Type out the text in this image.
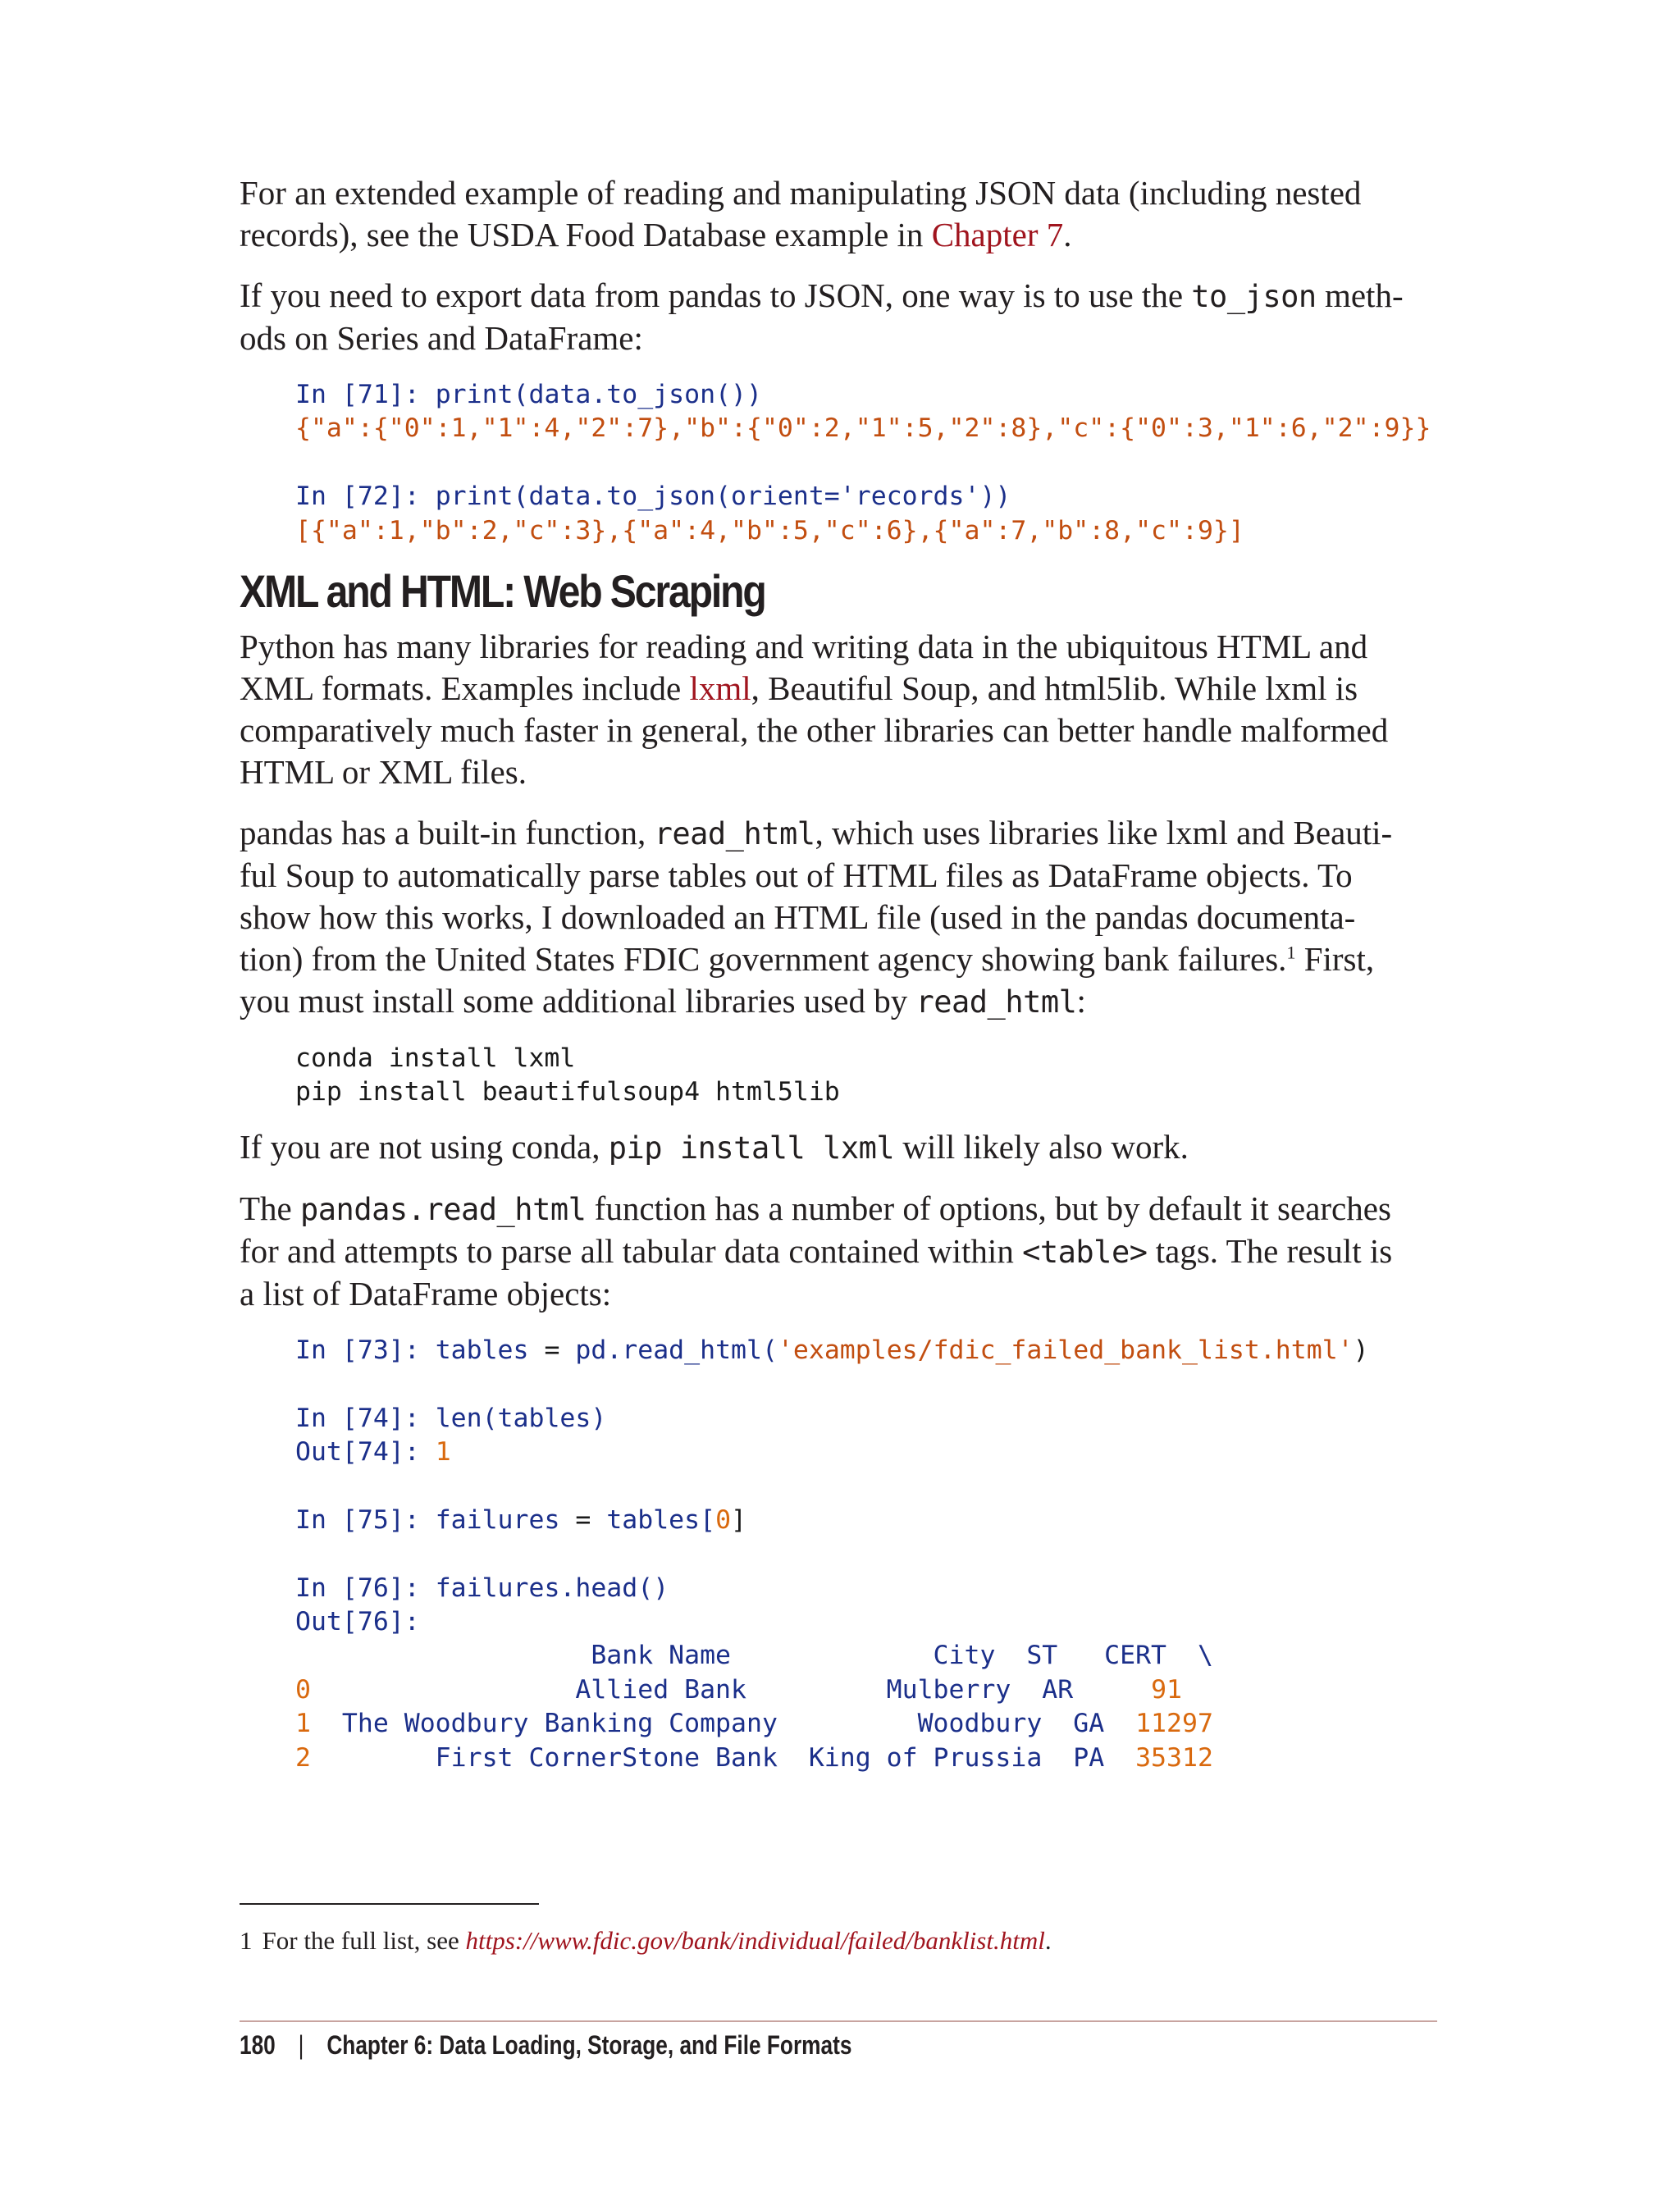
For an extended example of reading and manipulating JSON data (including nested
records), see the USDA Food Database example in Chapter 7.

If you need to export data from pandas to JSON, one way is to use the to_json meth-
ods on Series and DataFrame:

In [71]: print(data.to_json())
{"a":{"0":1,"1":4,"2":7},"b":{"0":2,"1":5,"2":8},"c":{"0":3,"1":6,"2":9}}
In [72]: print(data.to_json(orient='records'))
[{"a":1,"b":2,"c":3},{"a":4,"b":5,"c":6},{"a":7,"b":8,"c":9}]
XML and HTML: Web Scraping

Python has many libraries for reading and writing data in the ubiquitous HTML and
XML formats. Examples include lxml, Beautiful Soup, and html5lib. While lxml is
comparatively much faster in general, the other libraries can better handle malformed
HTML or XML files.

pandas has a built-in function, read_html, which uses libraries like lxml and Beauti-
ful Soup to automatically parse tables out of HTML files as DataFrame objects. To
show how this works, I downloaded an HTML file (used in the pandas documenta-
tion) from the United States FDIC government agency showing bank failures.$^1$ First,
you must install some additional libraries used by read_html:

conda install lxml
pip install beautifulsoup4 html5lib

If you are not using conda, pip install lxml will likely also work.

The pandas.read_html function has a number of options, but by default it searches
for and attempts to parse all tabular data contained within <table> tags. The result is
a list of DataFrame objects:

In [73]: tables = pd.read_html('examples/fdic_failed_bank_list.html')
In [74]: len(tables)
Out[74]: 1
In [75]: failures = tables[0]
In [76]: failures.head()
Out[76]:
Bank Name             City  ST   CERT  \
0                 Allied Bank         Mulberry  AR     91
1  The Woodbury Banking Company         Woodbury  GA  11297
2        First CornerStone Bank  King of Prussia  PA  35312
1 For the full list, see https://www.fdic.gov/bank/individual/failed/banklist.html.
180 | Chapter 6: Data Loading, Storage, and File Formats
